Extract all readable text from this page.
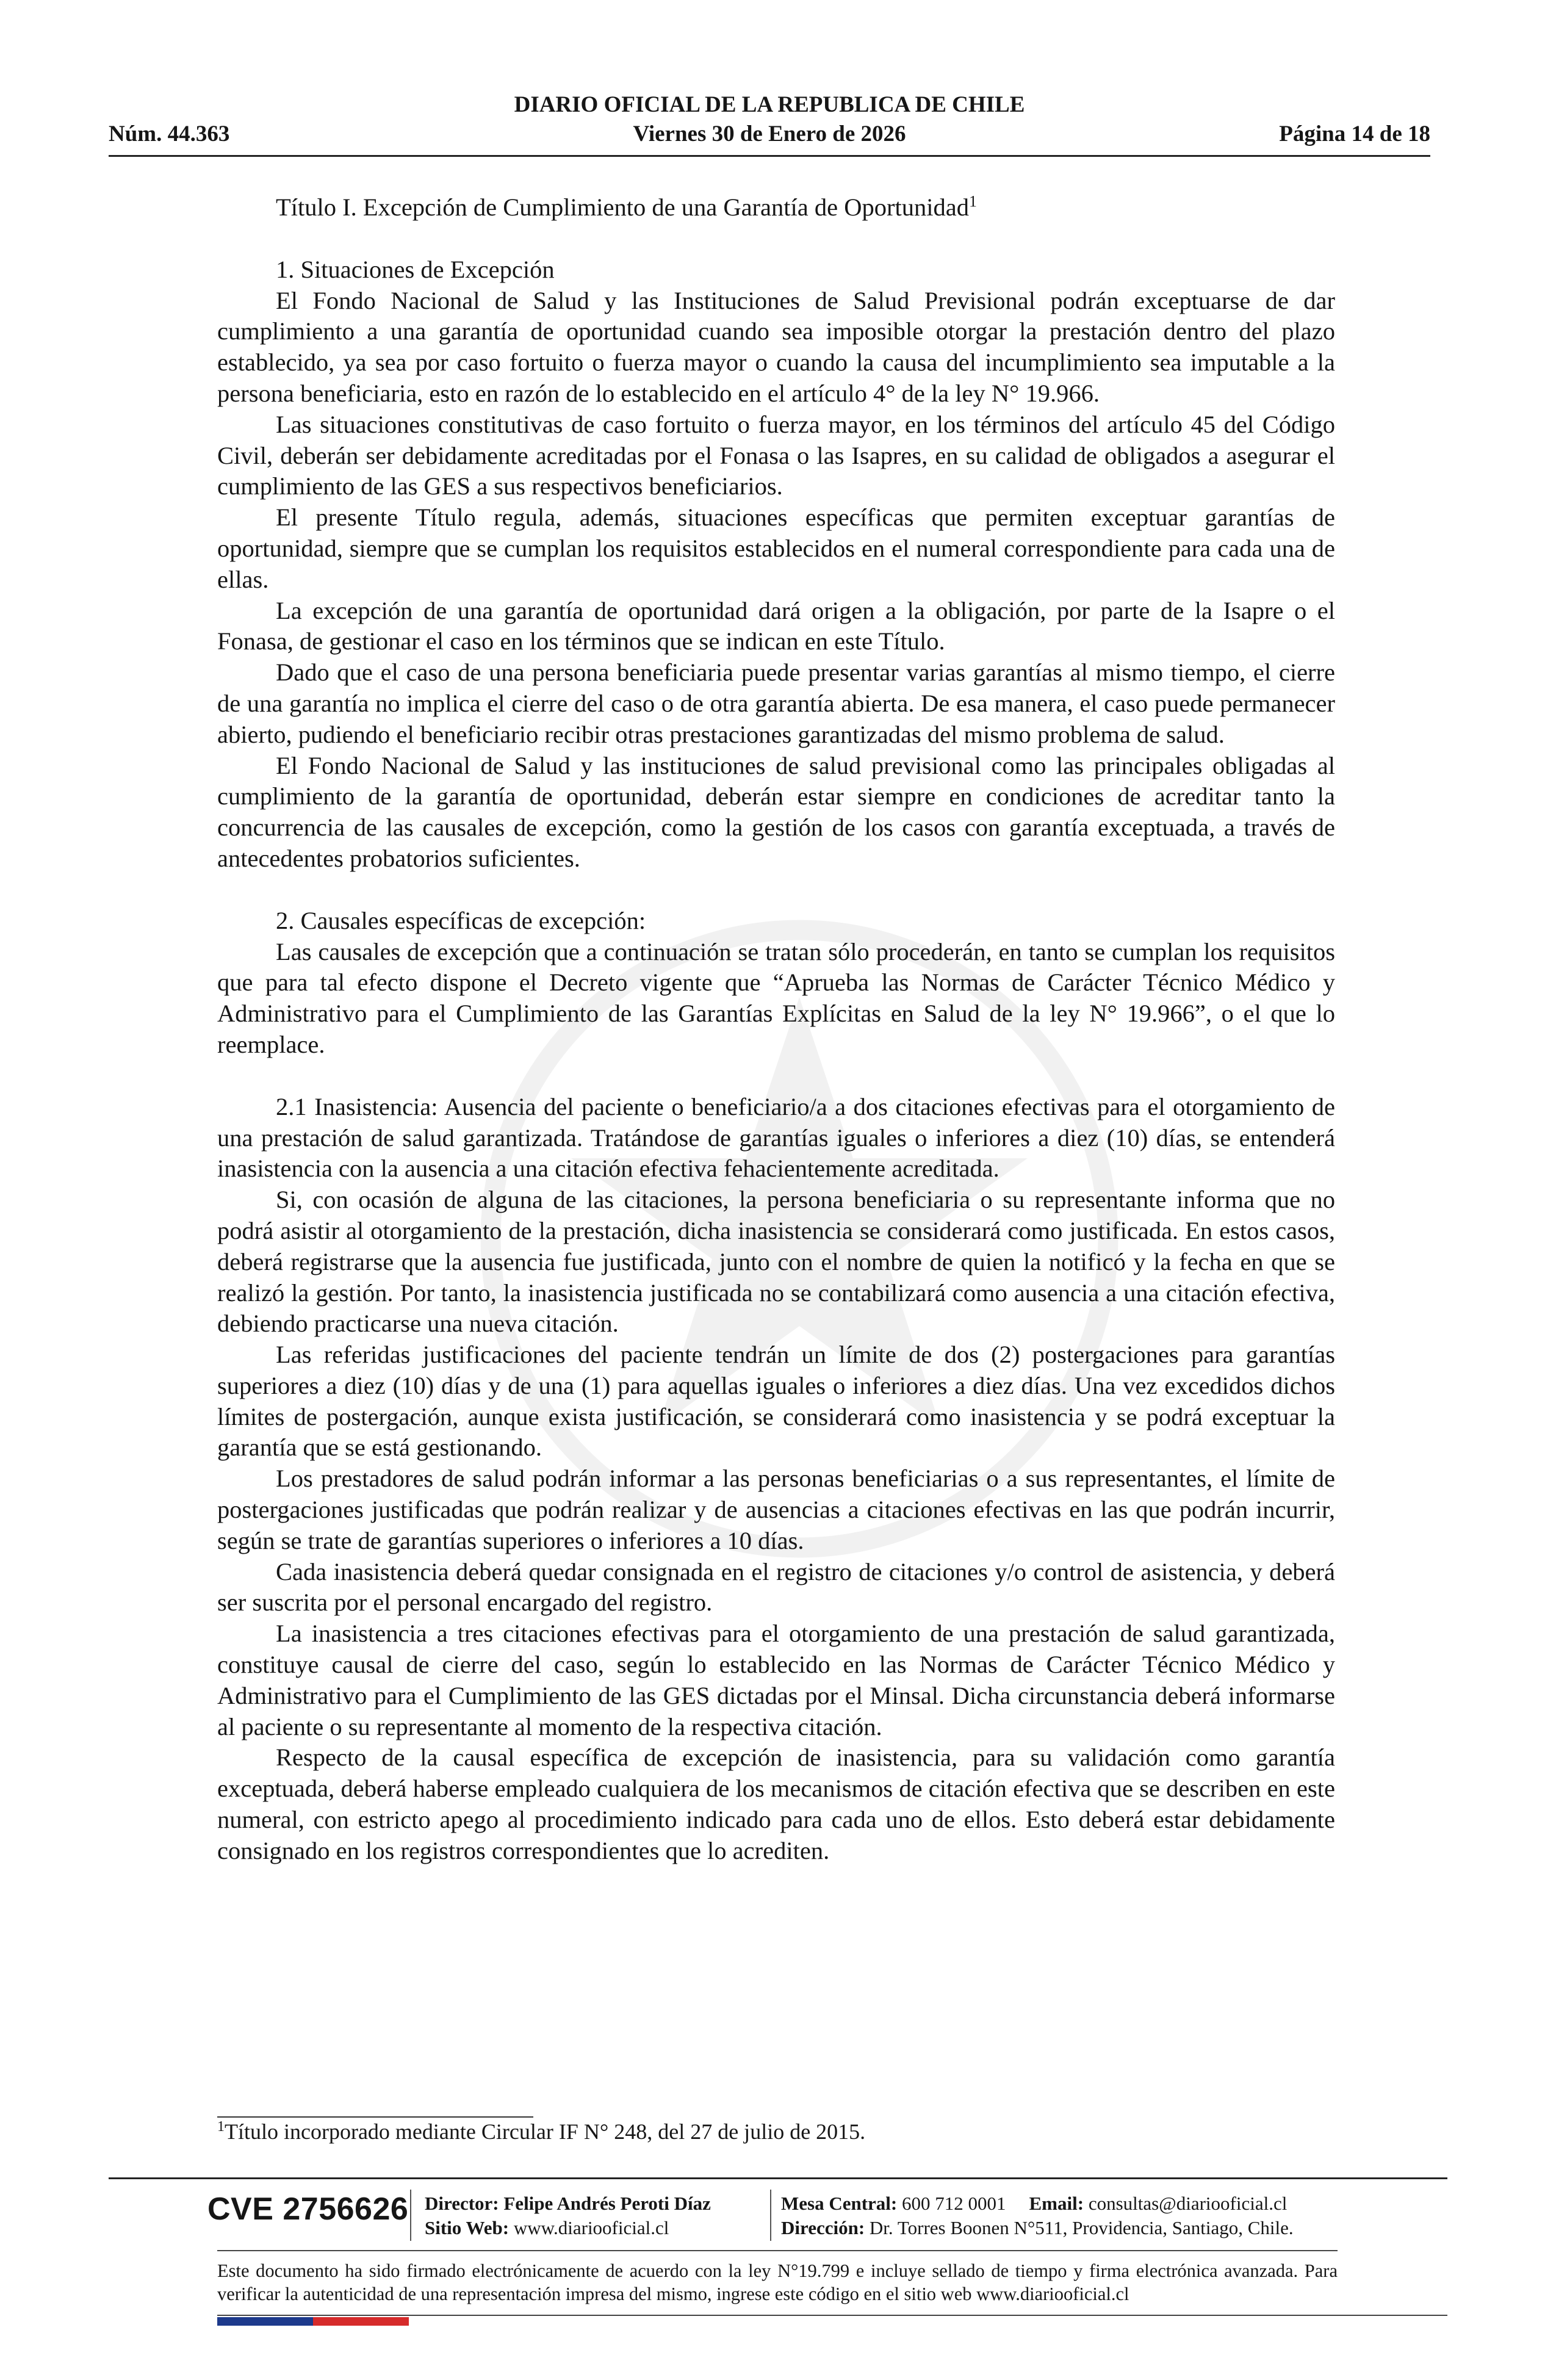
DIARIO OFICIAL DE LA REPUBLICA DE CHILE
Núm. 44.363	Viernes 30 de Enero de 2026	Página 14 de 18

Título I. Excepción de Cumplimiento de una Garantía de Oportunidad$^1$

1. Situaciones de Excepción

El Fondo Nacional de Salud y las Instituciones de Salud Previsional podrán exceptuarse de dar cumplimiento a una garantía de oportunidad cuando sea imposible otorgar la prestación dentro del plazo establecido, ya sea por caso fortuito o fuerza mayor o cuando la causa del incumplimiento sea imputable a la persona beneficiaria, esto en razón de lo establecido en el artículo 4° de la ley N° 19.966.

Las situaciones constitutivas de caso fortuito o fuerza mayor, en los términos del artículo 45 del Código Civil, deberán ser debidamente acreditadas por el Fonasa o las Isapres, en su calidad de obligados a asegurar el cumplimiento de las GES a sus respectivos beneficiarios.

El presente Título regula, además, situaciones específicas que permiten exceptuar garantías de oportunidad, siempre que se cumplan los requisitos establecidos en el numeral correspondiente para cada una de ellas.

La excepción de una garantía de oportunidad dará origen a la obligación, por parte de la Isapre o el Fonasa, de gestionar el caso en los términos que se indican en este Título.

Dado que el caso de una persona beneficiaria puede presentar varias garantías al mismo tiempo, el cierre de una garantía no implica el cierre del caso o de otra garantía abierta. De esa manera, el caso puede permanecer abierto, pudiendo el beneficiario recibir otras prestaciones garantizadas del mismo problema de salud.

El Fondo Nacional de Salud y las instituciones de salud previsional como las principales obligadas al cumplimiento de la garantía de oportunidad, deberán estar siempre en condiciones de acreditar tanto la concurrencia de las causales de excepción, como la gestión de los casos con garantía exceptuada, a través de antecedentes probatorios suficientes.

2. Causales específicas de excepción:

Las causales de excepción que a continuación se tratan sólo procederán, en tanto se cumplan los requisitos que para tal efecto dispone el Decreto vigente que “Aprueba las Normas de Carácter Técnico Médico y Administrativo para el Cumplimiento de las Garantías Explícitas en Salud de la ley N° 19.966”, o el que lo reemplace.

2.1 Inasistencia: Ausencia del paciente o beneficiario/a a dos citaciones efectivas para el otorgamiento de una prestación de salud garantizada. Tratándose de garantías iguales o inferiores a diez (10) días, se entenderá inasistencia con la ausencia a una citación efectiva fehacientemente acreditada.

Si, con ocasión de alguna de las citaciones, la persona beneficiaria o su representante informa que no podrá asistir al otorgamiento de la prestación, dicha inasistencia se considerará como justificada. En estos casos, deberá registrarse que la ausencia fue justificada, junto con el nombre de quien la notificó y la fecha en que se realizó la gestión. Por tanto, la inasistencia justificada no se contabilizará como ausencia a una citación efectiva, debiendo practicarse una nueva citación.

Las referidas justificaciones del paciente tendrán un límite de dos (2) postergaciones para garantías superiores a diez (10) días y de una (1) para aquellas iguales o inferiores a diez días. Una vez excedidos dichos límites de postergación, aunque exista justificación, se considerará como inasistencia y se podrá exceptuar la garantía que se está gestionando.

Los prestadores de salud podrán informar a las personas beneficiarias o a sus representantes, el límite de postergaciones justificadas que podrán realizar y de ausencias a citaciones efectivas en las que podrán incurrir, según se trate de garantías superiores o inferiores a 10 días.

Cada inasistencia deberá quedar consignada en el registro de citaciones y/o control de asistencia, y deberá ser suscrita por el personal encargado del registro.

La inasistencia a tres citaciones efectivas para el otorgamiento de una prestación de salud garantizada, constituye causal de cierre del caso, según lo establecido en las Normas de Carácter Técnico Médico y Administrativo para el Cumplimiento de las GES dictadas por el Minsal. Dicha circunstancia deberá informarse al paciente o su representante al momento de la respectiva citación.

Respecto de la causal específica de excepción de inasistencia, para su validación como garantía exceptuada, deberá haberse empleado cualquiera de los mecanismos de citación efectiva que se describen en este numeral, con estricto apego al procedimiento indicado para cada uno de ellos. Esto deberá estar debidamente consignado en los registros correspondientes que lo acrediten.

$^1$Título incorporado mediante Circular IF N° 248, del 27 de julio de 2015.
CVE 2756626 Director: Felipe Andrés Peroti Díaz
Sitio Web: www.diariooficial.cl
Mesa Central: 600 712 0001 Email: consultas@diariooficial.cl
Dirección: Dr. Torres Boonen N°511, Providencia, Santiago, Chile.
Este documento ha sido firmado electrónicamente de acuerdo con la ley N°19.799 e incluye sellado de tiempo y firma electrónica avanzada. Para verificar la autenticidad de una representación impresa del mismo, ingrese este código en el sitio web www.diariooficial.cl
